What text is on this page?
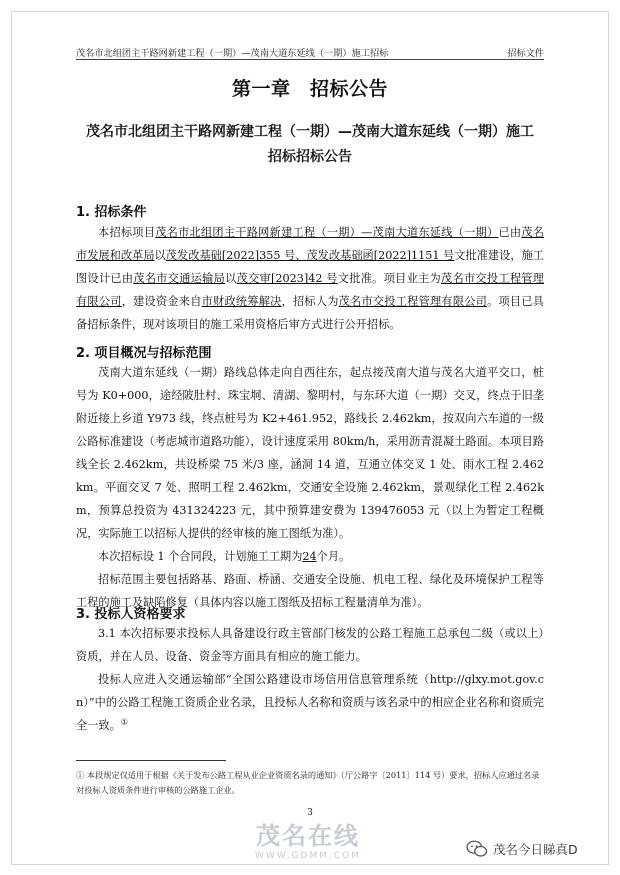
茂名市北组团主干路网新建工程（一期）—茂南大道东延线（一期）施工招标	招标文件
第一章　招标公告
茂名市北组团主干路网新建工程（一期）—茂南大道东延线（一期）施工
招标招标公告
1. 招标条件

本招标项目茂名市北组团主干路网新建工程（一期）—茂南大道东延线（一期）已由茂名市发展和改革局以茂发改基础[2022]355 号、茂发改基础函[2022]1151 号文批准建设，施工图设计已由茂名市交通运输局以茂交审[2023]42 号文批准。项目业主为茂名市交投工程管理有限公司，建设资金来自市财政统筹解决，招标人为茂名市交投工程管理有限公司。项目已具备招标条件，现对该项目的施工采用资格后审方式进行公开招标。

2. 项目概况与招标范围

茂南大道东延线（一期）路线总体走向自西往东，起点接茂南大道与茂名大道平交口，桩号为 K0+000，途经陂肚村、珠宝垌、清湖、黎明村，与东环大道（一期）交叉，终点于旧垄附近接上乡道 Y973 线，终点桩号为 K2+461.952，路线长 2.462km，按双向六车道的一级公路标准建设（考虑城市道路功能），设计速度采用 80km/h，采用沥青混凝土路面。本项目路线全长 2.462km，共设桥梁 75 米/3 座，涵洞 14 道，互通立体交叉 1 处、雨水工程 2.462km。平面交叉 7 处、照明工程 2.462km，交通安全设施 2.462km，景观绿化工程 2.462km，预算总投资为 431324223 元，其中预算建安费为 139476053 元（以上为暂定工程概况，实际施工以招标人提供的经审核的施工图纸为准）。

本次招标设 1 个合同段，计划施工工期为24个月。

招标范围主要包括路基、路面、桥涵、交通安全设施、机电工程、绿化及环境保护工程等工程的施工及缺陷修复（具体内容以施工图纸及招标工程量清单为准）。

3. 投标人资格要求

3.1 本次招标要求投标人具备建设行政主管部门核发的公路工程施工总承包二级（或以上）资质，并在人员、设备、资金等方面具有相应的施工能力。

投标人应进入交通运输部“全国公路建设市场信用信息管理系统（http://glxy.mot.gov.cn）”中的公路工程施工资质企业名录，且投标人名称和资质与该名录中的相应企业名称和资质完全一致。①

① 本段规定仅适用于根据《关于发布公路工程从业企业资质名录的通知》（厅公路字〔2011〕114 号）要求，招标人应通过名录对投标人资质条件进行审核的公路施工企业。
3
茂名在线
WWW.GDMM.COM	茂名今日睇真D
